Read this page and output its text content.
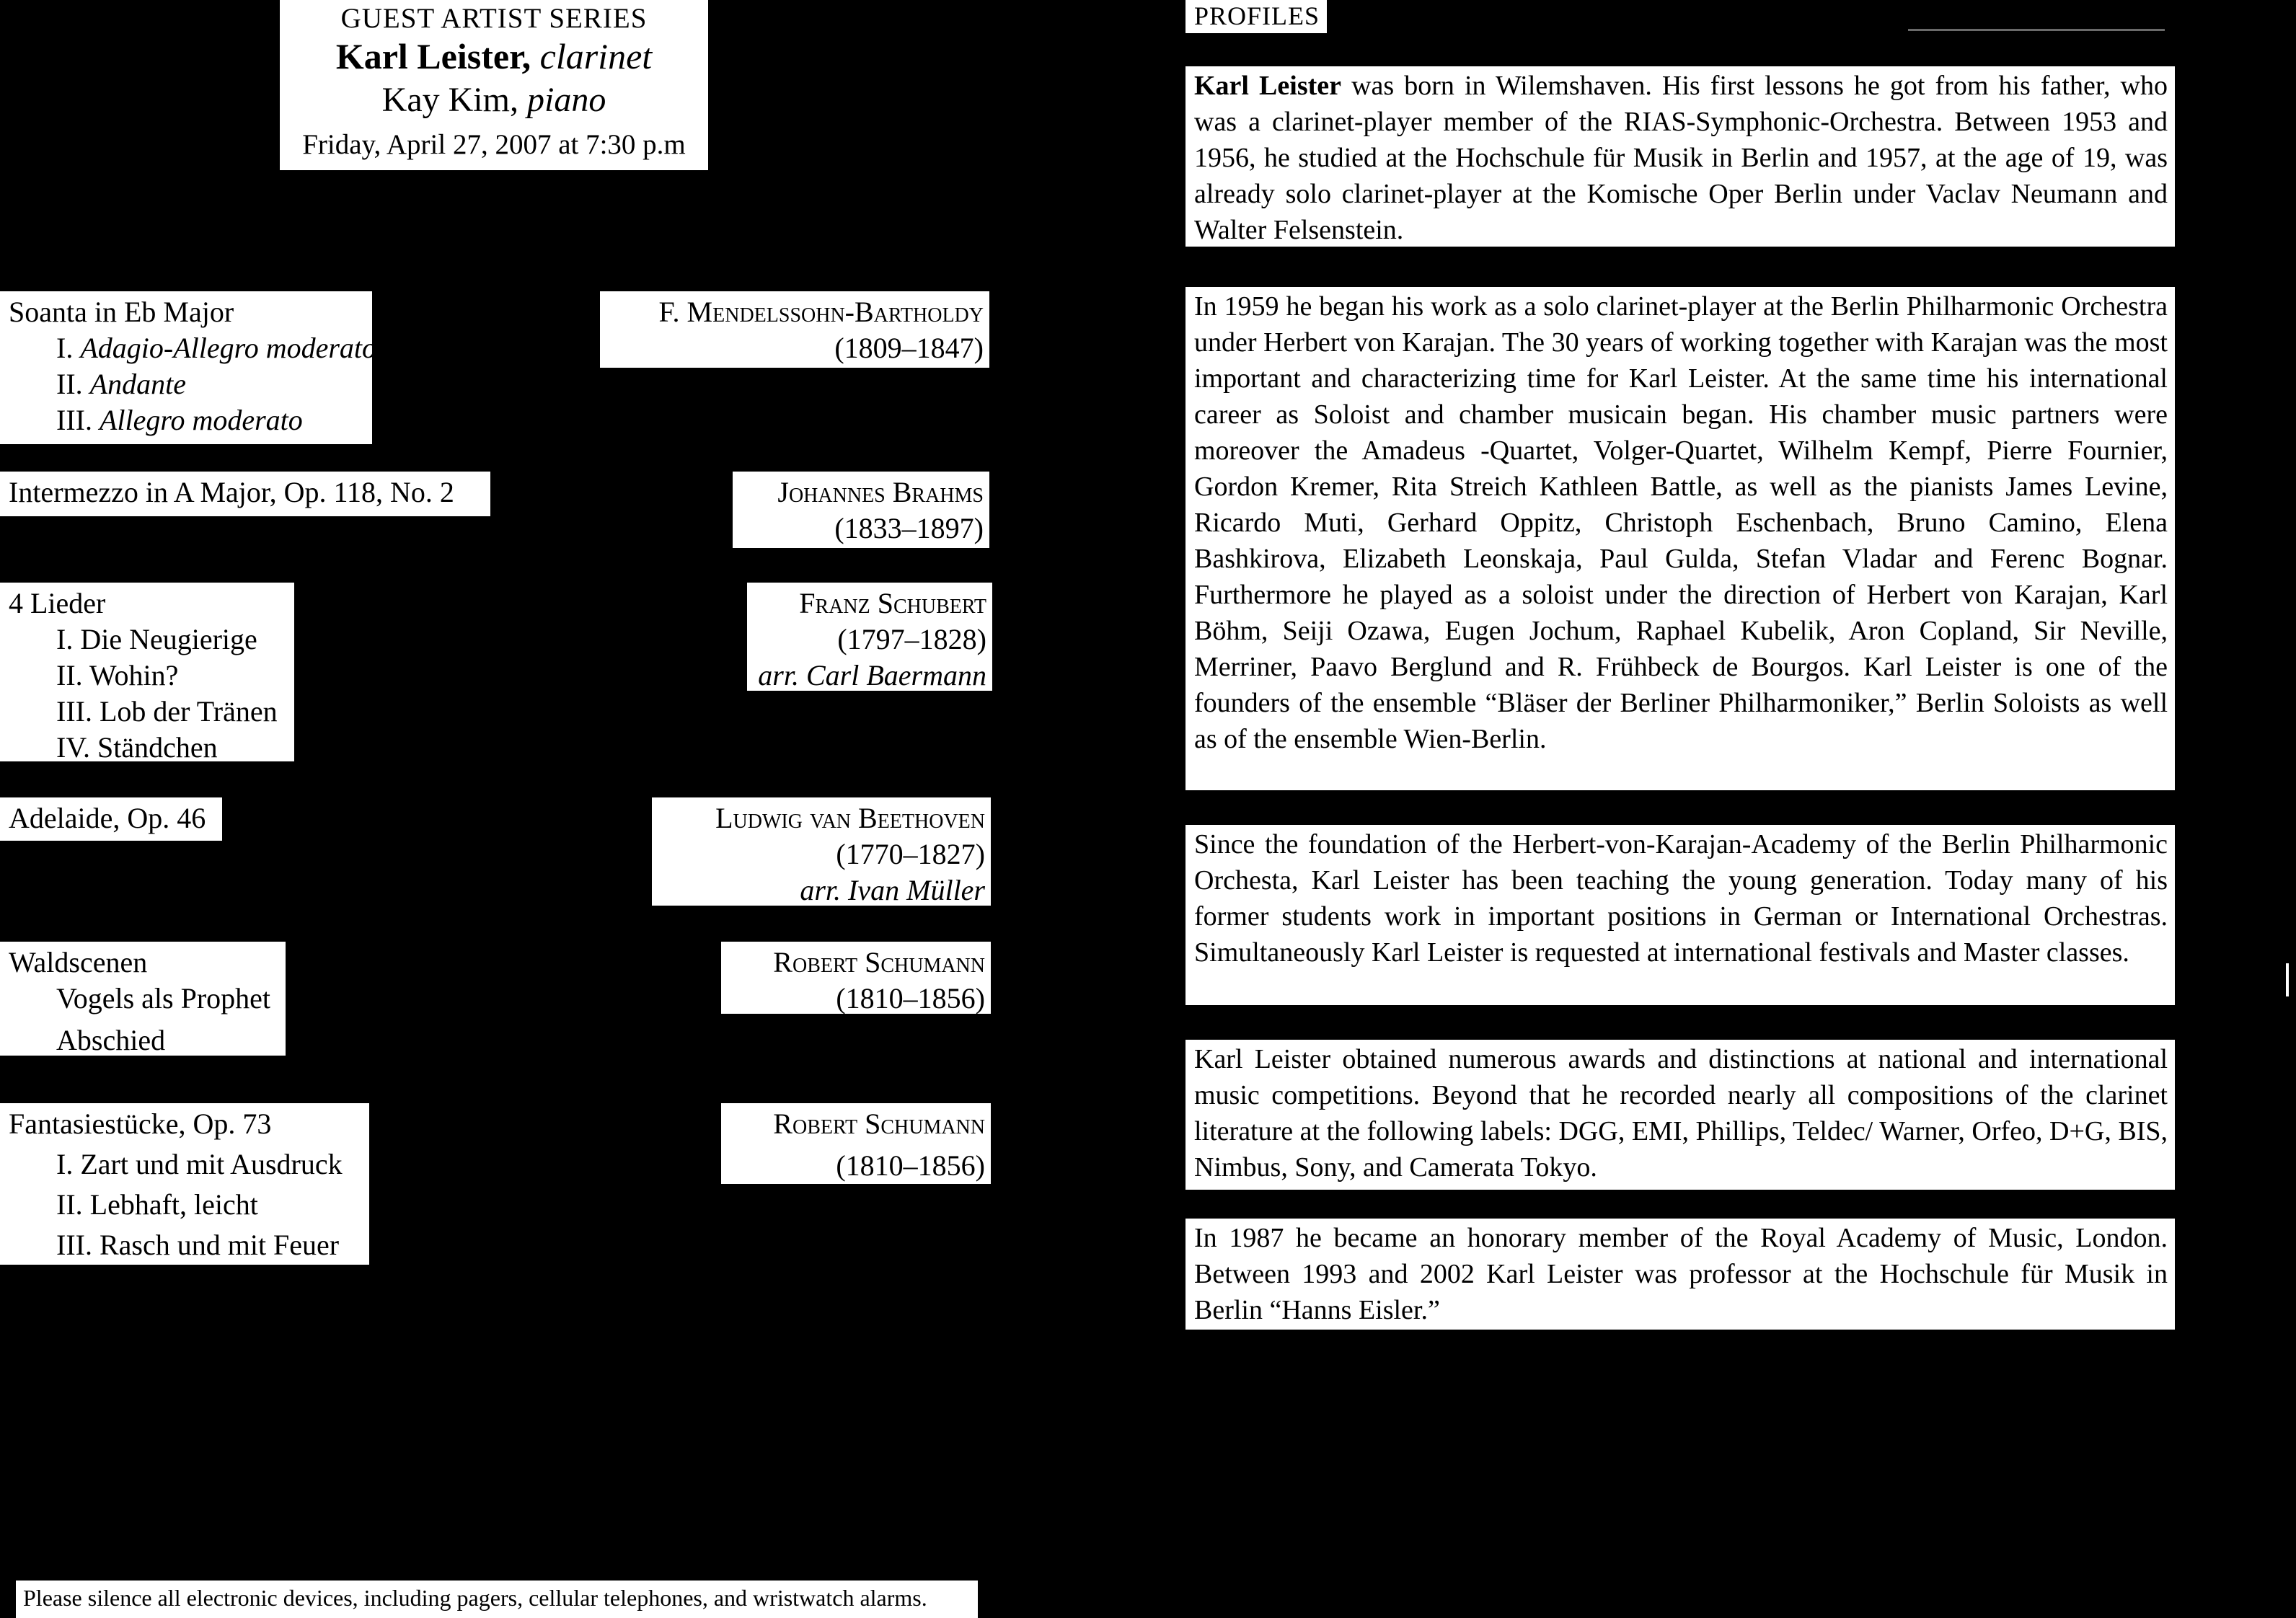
GUEST ARTIST SERIES
Karl Leister, clarinet
Kay Kim, piano
Friday, April 27, 2007 at 7:30 p.m
Soanta in Eb Major
I. Adagio-Allegro moderato
II. Andante
III. Allegro moderato
F. Mendelssohn-Bartholdy
(1809–1847)
Intermezzo in A Major, Op. 118, No. 2	Johannes Brahms
(1833–1897)
4 Lieder
I. Die Neugierige
II. Wohin?
III. Lob der Tränen
IV. Ständchen
Franz Schubert
(1797–1828)
arr. Carl Baermann
Adelaide, Op. 46	Ludwig van Beethoven
(1770–1827)
arr. Ivan Müller
Waldscenen
Vogels als Prophet
Abschied
Robert Schumann
(1810–1856)
Fantasiestücke, Op. 73
I. Zart und mit Ausdruck
II. Lebhaft, leicht
III. Rasch und mit Feuer
Robert Schumann
(1810–1856)
Please silence all electronic devices, including pagers, cellular telephones, and wristwatch alarms.
PROFILES
Karl Leister was born in Wilemshaven. His first lessons he got from his father, who was a clarinet-player member of the RIAS-Symphonic-Orchestra. Between 1953 and 1956, he studied at the Hochschule für Musik in Berlin and 1957, at the age of 19, was already solo clarinet-player at the Komische Oper Berlin under Vaclav Neumann and Walter Felsenstein.
In 1959 he began his work as a solo clarinet-player at the Berlin Philharmonic Orchestra under Herbert von Karajan. The 30 years of working together with Karajan was the most important and characterizing time for Karl Leister. At the same time his international career as Soloist and chamber musicain began. His chamber music partners were moreover the Amadeus -Quartet, Volger-Quartet, Wilhelm Kempf, Pierre Fournier, Gordon Kremer, Rita Streich Kathleen Battle, as well as the pianists James Levine, Ricardo Muti, Gerhard Oppitz, Christoph Eschenbach, Bruno Camino, Elena Bashkirova, Elizabeth Leonskaja, Paul Gulda, Stefan Vladar and Ferenc Bognar. Furthermore he played as a soloist under the direction of Herbert von Karajan, Karl Böhm, Seiji Ozawa, Eugen Jochum, Raphael Kubelik, Aron Copland, Sir Neville, Merriner, Paavo Berglund and R. Frühbeck de Bourgos. Karl Leister is one of the founders of the ensemble “Bläser der Berliner Philharmoniker,” Berlin Soloists as well as of the ensemble Wien-Berlin.
Since the foundation of the Herbert-von-Karajan-Academy of the Berlin Philharmonic Orchesta, Karl Leister has been teaching the young generation. Today many of his former students work in important positions in German or International Orchestras. Simultaneously Karl Leister is requested at international festivals and Master classes.
Karl Leister obtained numerous awards and distinctions at national and international music competitions. Beyond that he recorded nearly all compositions of the clarinet literature at the following labels: DGG, EMI, Phillips, Teldec/ Warner, Orfeo, D+G, BIS, Nimbus, Sony, and Camerata Tokyo.
In 1987 he became an honorary member of the Royal Academy of Music, London. Between 1993 and 2002 Karl Leister was professor at the Hochschule für Musik in Berlin “Hanns Eisler.”
